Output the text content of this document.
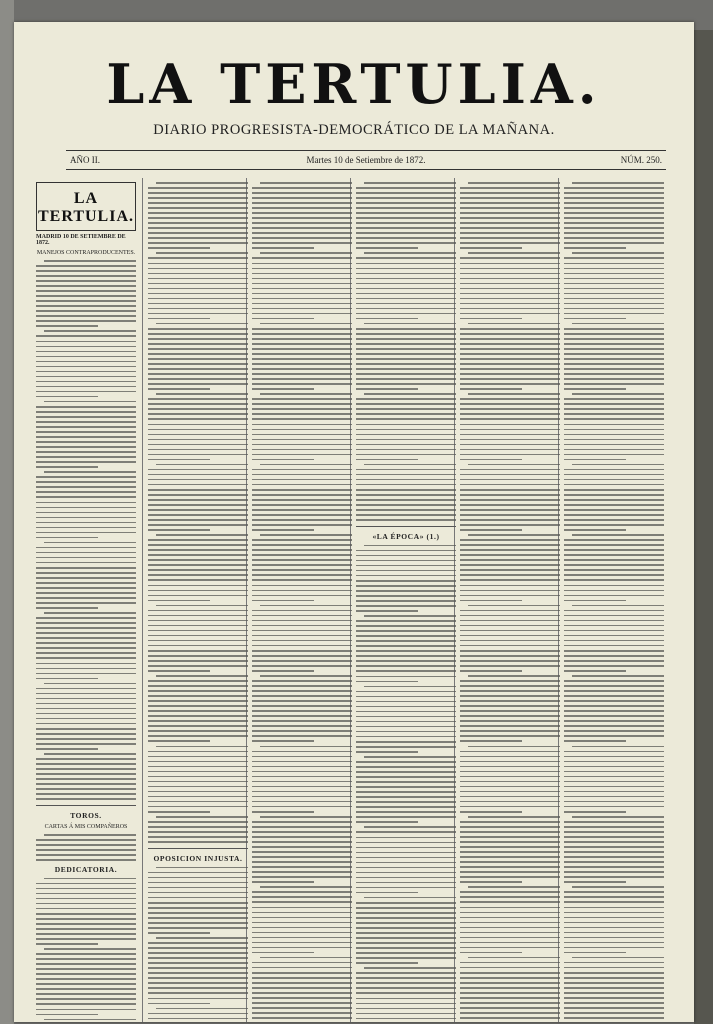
LA TERTULIA.
DIARIO PROGRESISTA-DEMOCRÁTICO DE LA MAÑANA.
AÑO II.	Martes 10 de Setiembre de 1872.	NÚM. 250.
LA TERTULIA.
MADRID 10 DE SETIEMBRE DE 1872.
MANEJOS CONTRAPRODUCENTES.
TOROS.
CARTAS Á MIS COMPAÑEROS
DEDICATORIA.
OPOSICION INJUSTA.
«LA ÉPOCA» (1.)
